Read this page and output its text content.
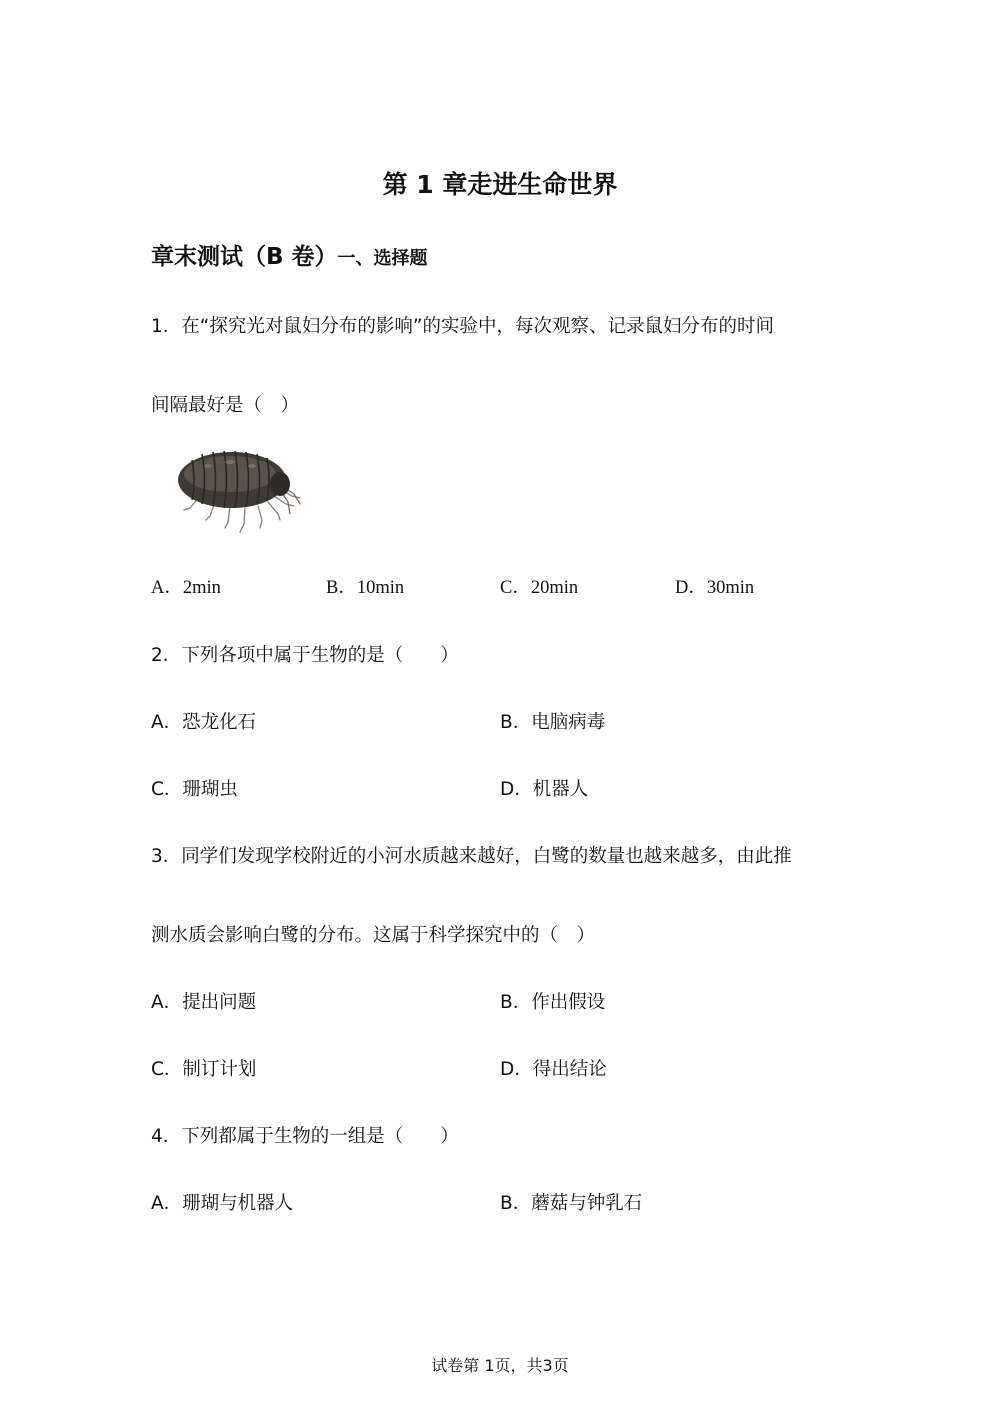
第 1 章走进生命世界
章末测试（B 卷）一、选择题
1．在“探究光对鼠妇分布的影响”的实验中，每次观察、记录鼠妇分布的时间
间隔最好是（　）
A．2min	B．10min	C．20min	D．30min
2．下列各项中属于生物的是（　　）
A．恐龙化石	B．电脑病毒
C．珊瑚虫	D．机器人
3．同学们发现学校附近的小河水质越来越好，白鹭的数量也越来越多，由此推
测水质会影响白鹭的分布。这属于科学探究中的（　）
A．提出问题	B．作出假设
C．制订计划	D．得出结论
4．下列都属于生物的一组是（　　）
A．珊瑚与机器人	B．蘑菇与钟乳石
试卷第 1页，共3页
